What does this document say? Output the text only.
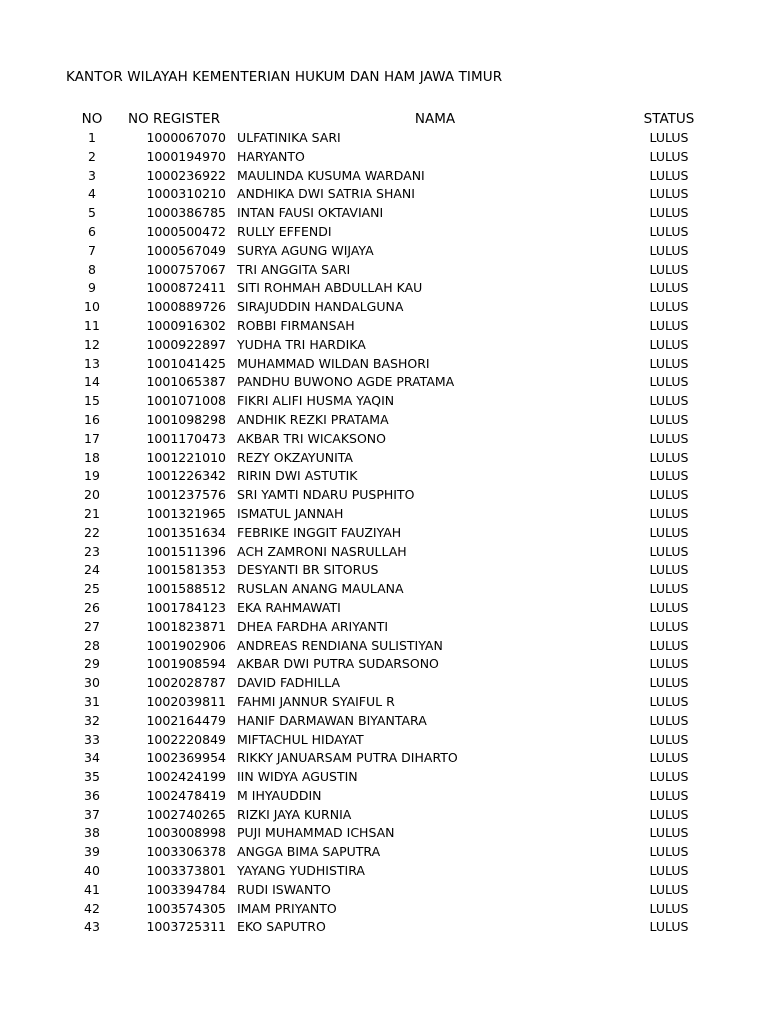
KANTOR WILAYAH KEMENTERIAN HUKUM DAN HAM JAWA TIMUR
NO	NO REGISTER	NAMA	STATUS
1	1000067070 ULFATINIKA SARI	LULUS
2	1000194970 HARYANTO	LULUS
3	1000236922 MAULINDA KUSUMA WARDANI	LULUS
4	1000310210 ANDHIKA DWI SATRIA SHANI	LULUS
5	1000386785 INTAN FAUSI OKTAVIANI	LULUS
6	1000500472 RULLY EFFENDI	LULUS
7	1000567049 SURYA AGUNG WIJAYA	LULUS
8	1000757067 TRI ANGGITA SARI	LULUS
9	1000872411 SITI ROHMAH ABDULLAH KAU	LULUS
10	1000889726 SIRAJUDDIN HANDALGUNA	LULUS
11	1000916302 ROBBI FIRMANSAH	LULUS
12	1000922897 YUDHA TRI HARDIKA	LULUS
13	1001041425 MUHAMMAD WILDAN BASHORI	LULUS
14	1001065387 PANDHU BUWONO AGDE PRATAMA	LULUS
15	1001071008 FIKRI ALIFI HUSMA YAQIN	LULUS
16	1001098298 ANDHIK REZKI PRATAMA	LULUS
17	1001170473 AKBAR TRI WICAKSONO	LULUS
18	1001221010 REZY OKZAYUNITA	LULUS
19	1001226342 RIRIN DWI ASTUTIK	LULUS
20	1001237576 SRI YAMTI NDARU PUSPHITO	LULUS
21	1001321965 ISMATUL JANNAH	LULUS
22	1001351634 FEBRIKE INGGIT FAUZIYAH	LULUS
23	1001511396 ACH ZAMRONI NASRULLAH	LULUS
24	1001581353 DESYANTI BR SITORUS	LULUS
25	1001588512 RUSLAN ANANG MAULANA	LULUS
26	1001784123 EKA RAHMAWATI	LULUS
27	1001823871 DHEA FARDHA ARIYANTI	LULUS
28	1001902906 ANDREAS RENDIANA SULISTIYAN	LULUS
29	1001908594 AKBAR DWI PUTRA SUDARSONO	LULUS
30	1002028787 DAVID FADHILLA	LULUS
31	1002039811 FAHMI JANNUR SYAIFUL R	LULUS
32	1002164479 HANIF DARMAWAN BIYANTARA	LULUS
33	1002220849 MIFTACHUL HIDAYAT	LULUS
34	1002369954 RIKKY JANUARSAM PUTRA DIHARTO	LULUS
35	1002424199 IIN WIDYA AGUSTIN	LULUS
36	1002478419 M IHYAUDDIN	LULUS
37	1002740265 RIZKI JAYA KURNIA	LULUS
38	1003008998 PUJI MUHAMMAD ICHSAN	LULUS
39	1003306378 ANGGA BIMA SAPUTRA	LULUS
40	1003373801 YAYANG YUDHISTIRA	LULUS
41	1003394784 RUDI ISWANTO	LULUS
42	1003574305 IMAM PRIYANTO	LULUS
43	1003725311 EKO SAPUTRO	LULUS
